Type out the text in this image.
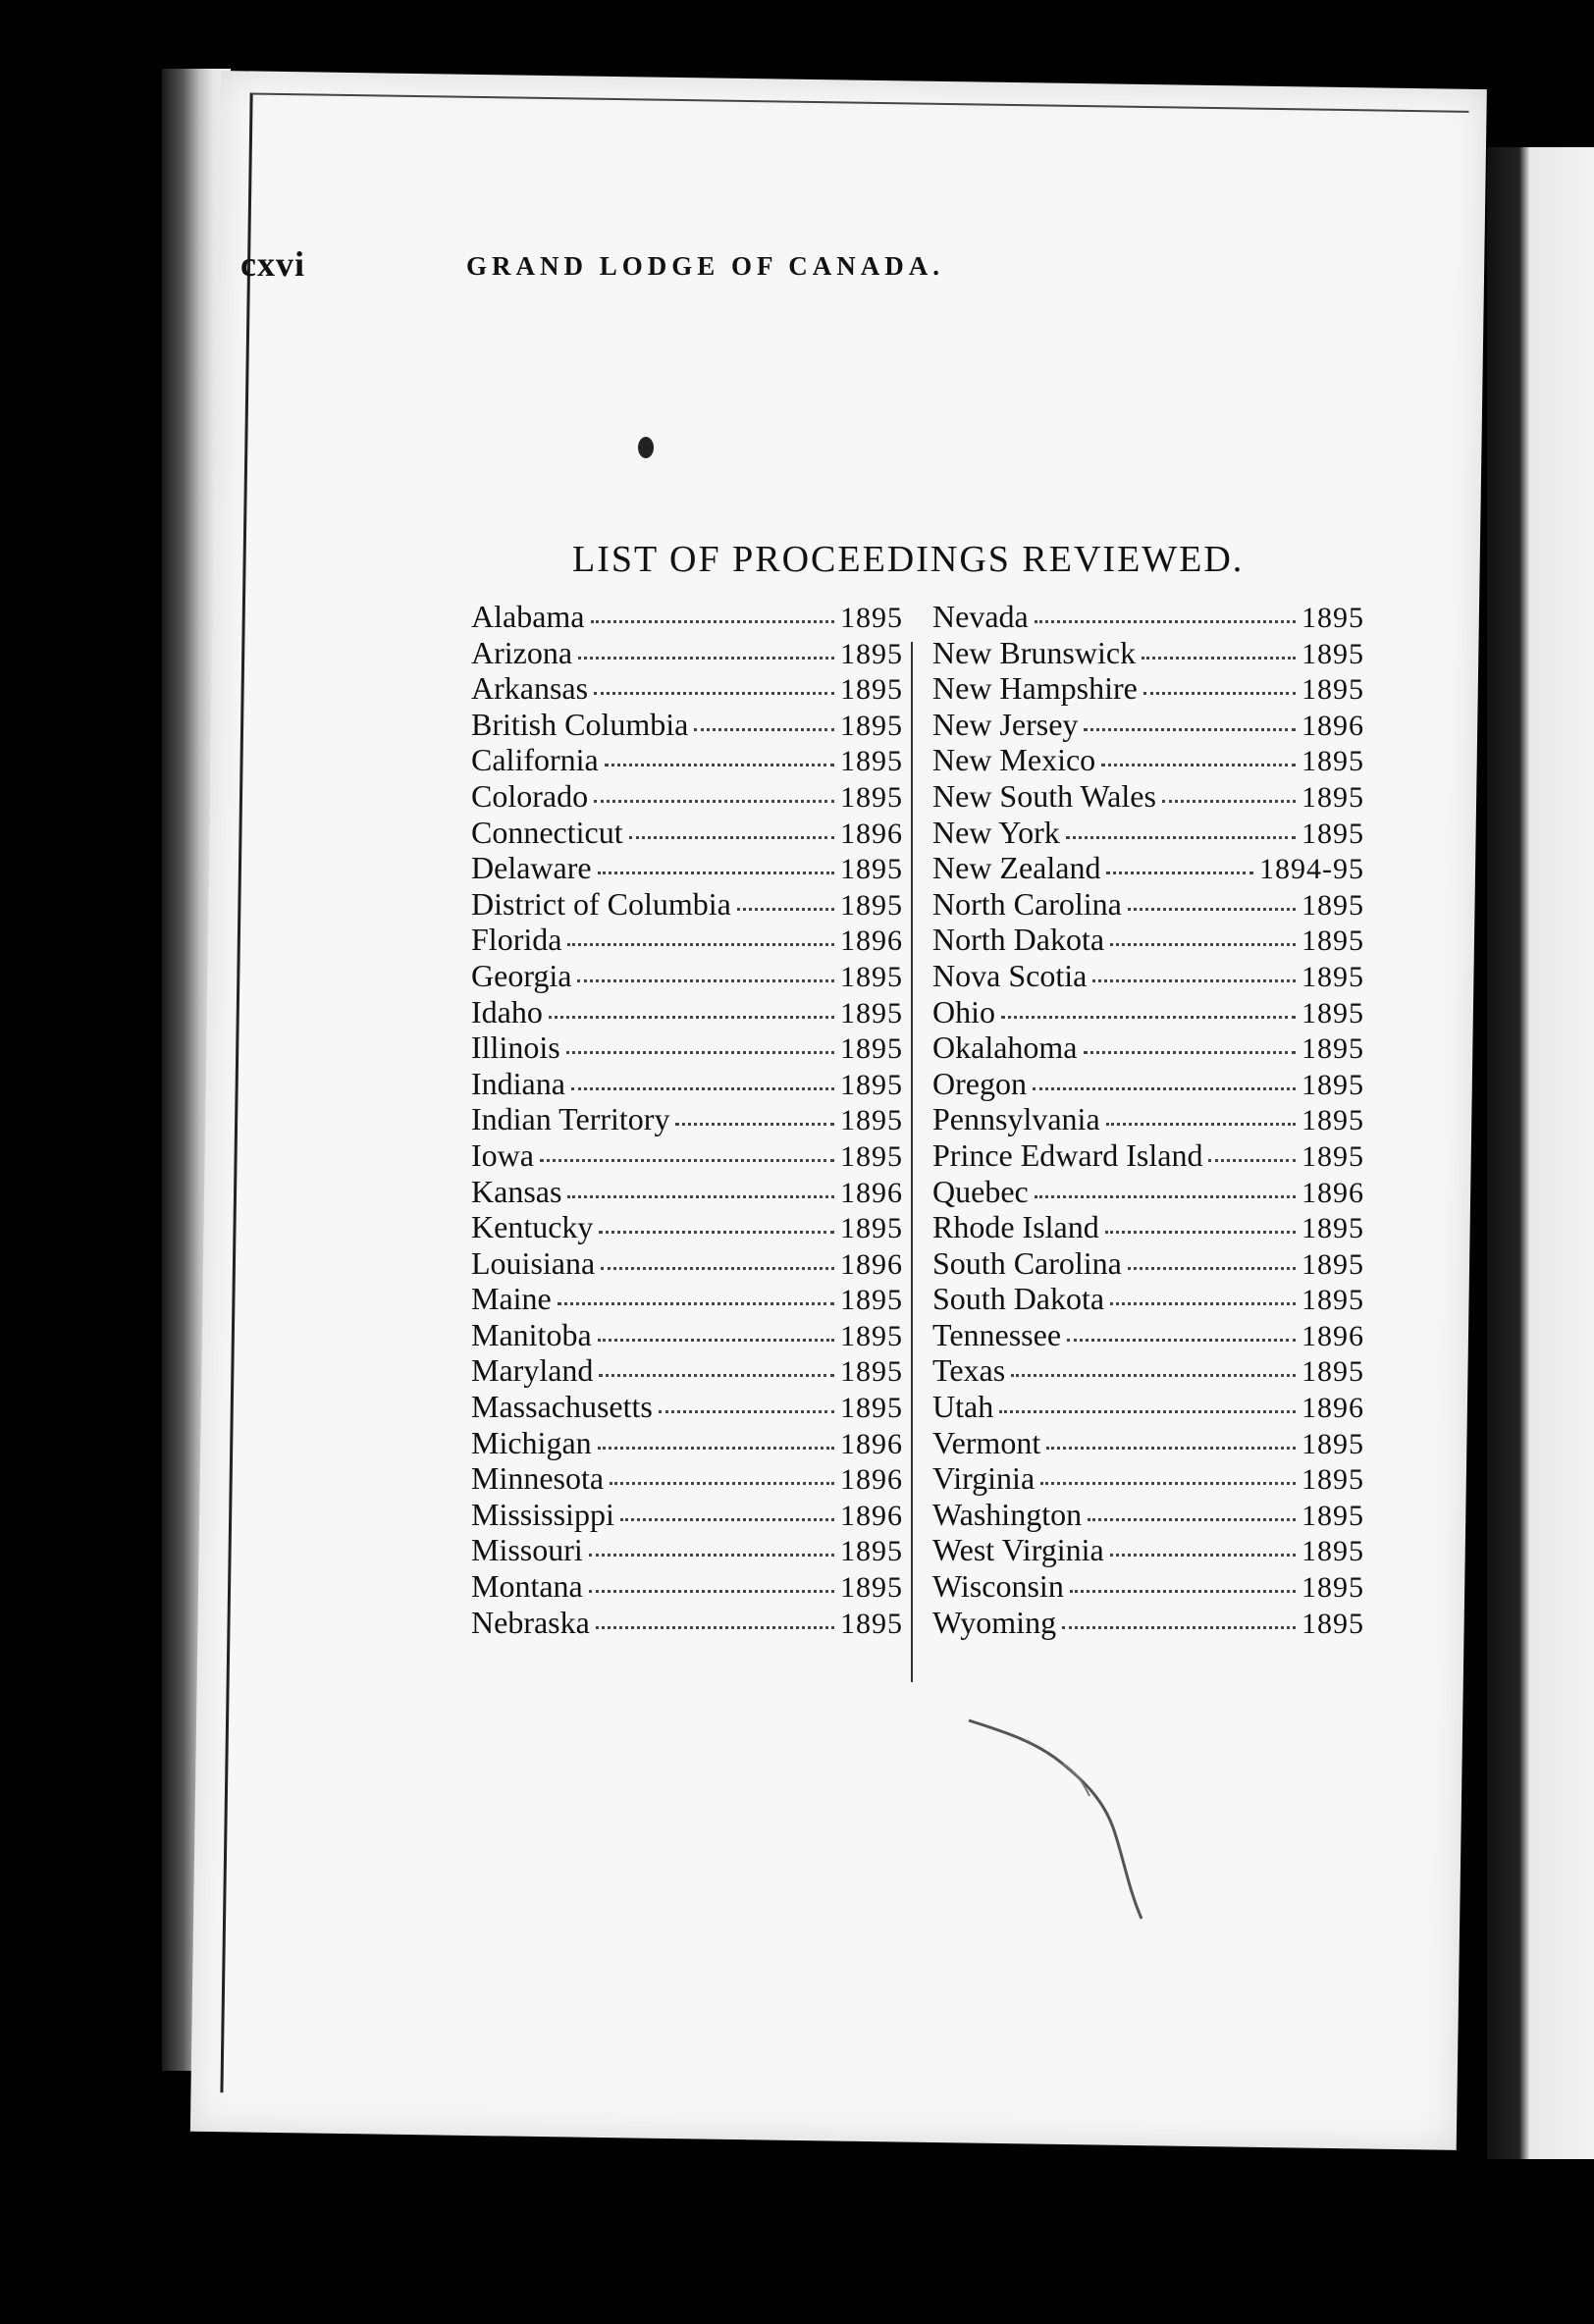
cxvi	GRAND LODGE OF CANADA.
LIST OF PROCEEDINGS REVIEWED.
Alabama	1895
Arizona	1895
Arkansas	1895
British Columbia	1895
California	1895
Colorado	1895
Connecticut	1896
Delaware	1895
District of Columbia	1895
Florida	1896
Georgia	1895
Idaho	1895
Illinois	1895
Indiana	1895
Indian Territory	1895
Iowa	1895
Kansas	1896
Kentucky	1895
Louisiana	1896
Maine	1895
Manitoba	1895
Maryland	1895
Massachusetts	1895
Michigan	1896
Minnesota	1896
Mississippi	1896
Missouri	1895
Montana	1895
Nebraska	1895
Nevada	1895
New Brunswick	1895
New Hampshire	1895
New Jersey	1896
New Mexico	1895
New South Wales	1895
New York	1895
New Zealand	1894-95
North Carolina	1895
North Dakota	1895
Nova Scotia	1895
Ohio	1895
Okalahoma	1895
Oregon	1895
Pennsylvania	1895
Prince Edward Island	1895
Quebec	1896
Rhode Island	1895
South Carolina	1895
South Dakota	1895
Tennessee	1896
Texas	1895
Utah	1896
Vermont	1895
Virginia	1895
Washington	1895
West Virginia	1895
Wisconsin	1895
Wyoming	1895
